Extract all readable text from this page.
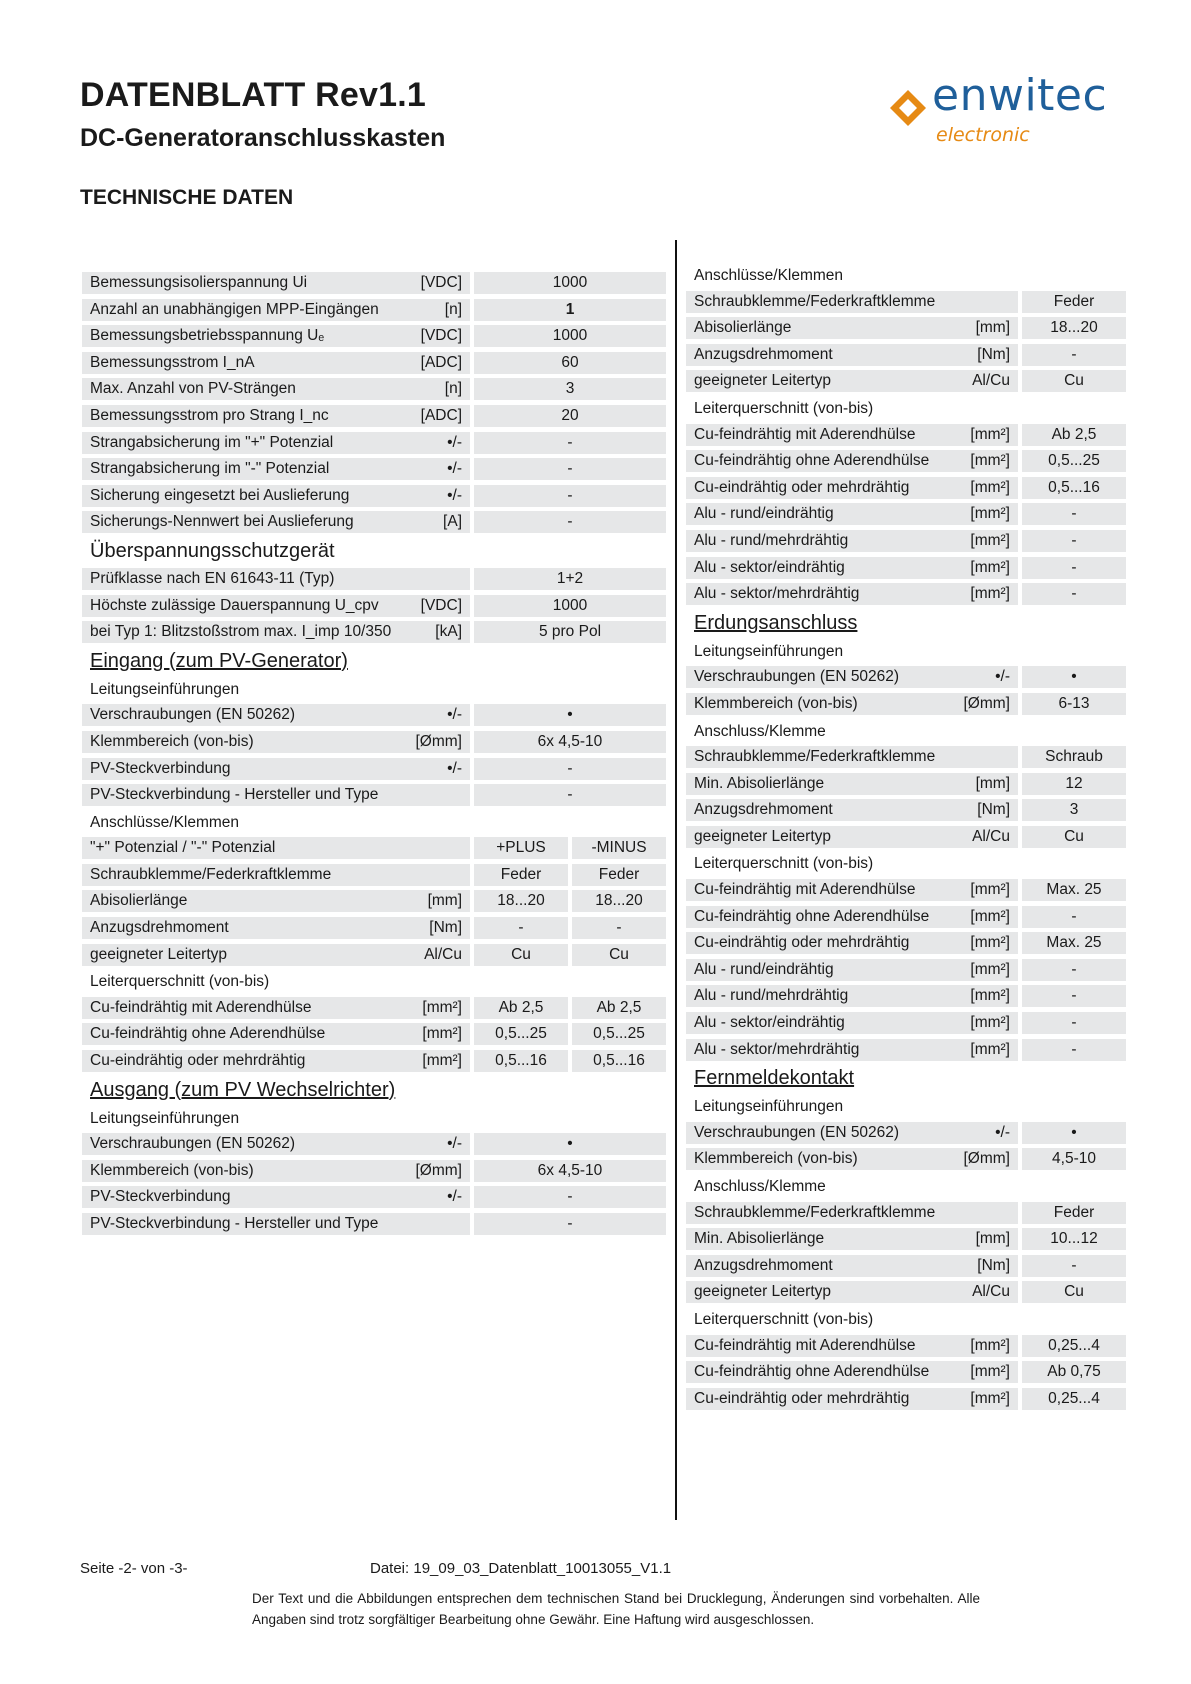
DATENBLATT Rev1.1
DC-Generatoranschlusskasten
TECHNISCHE DATEN
enwitec
electronic
Bemessungsisolierspannung Ui	[VDC]	1000
Anzahl an unabhängigen MPP-Eingängen	[n]	1
Bemessungsbetriebsspannung Uₑ	[VDC]	1000
Bemessungsstrom I_nA	[ADC]	60
Max. Anzahl von PV-Strängen	[n]	3
Bemessungsstrom pro Strang I_nc	[ADC]	20
Strangabsicherung im "+" Potenzial	•/-	-
Strangabsicherung im "-" Potenzial	•/-	-
Sicherung eingesetzt bei Auslieferung	•/-	-
Sicherungs-Nennwert bei Auslieferung	[A]	-
Überspannungsschutzgerät
Prüfklasse nach EN 61643-11 (Typ)	1+2
Höchste zulässige Dauerspannung U_cpv	[VDC]	1000
bei Typ 1: Blitzstoßstrom max. I_imp 10/350	[kA]	5 pro Pol
Eingang (zum PV-Generator)
Leitungseinführungen
Verschraubungen (EN 50262)	•/-	•
Klemmbereich (von-bis)	[Ømm]	6x 4,5-10
PV-Steckverbindung	•/-	-
PV-Steckverbindung - Hersteller und Type	-
Anschlüsse/Klemmen
"+" Potenzial / "-" Potenzial	+PLUS	-MINUS
Schraubklemme/Federkraftklemme	Feder	Feder
Abisolierlänge	[mm]	18...20	18...20
Anzugsdrehmoment	[Nm]	-	-
geeigneter Leitertyp	Al/Cu	Cu	Cu
Leiterquerschnitt (von-bis)
Cu-feindrähtig mit Aderendhülse	[mm²]	Ab 2,5	Ab 2,5
Cu-feindrähtig ohne Aderendhülse	[mm²]	0,5...25	0,5...25
Cu-eindrähtig oder mehrdrähtig	[mm²]	0,5...16	0,5...16
Ausgang (zum PV Wechselrichter)
Leitungseinführungen
Verschraubungen (EN 50262)	•/-	•
Klemmbereich (von-bis)	[Ømm]	6x 4,5-10
PV-Steckverbindung	•/-	-
PV-Steckverbindung - Hersteller und Type	-
Anschlüsse/Klemmen
Schraubklemme/Federkraftklemme	Feder
Abisolierlänge	[mm]	18...20
Anzugsdrehmoment	[Nm]	-
geeigneter Leitertyp	Al/Cu	Cu
Leiterquerschnitt (von-bis)
Cu-feindrähtig mit Aderendhülse	[mm²]	Ab 2,5
Cu-feindrähtig ohne Aderendhülse	[mm²]	0,5...25
Cu-eindrähtig oder mehrdrähtig	[mm²]	0,5...16
Alu - rund/eindrähtig	[mm²]	-
Alu - rund/mehrdrähtig	[mm²]	-
Alu - sektor/eindrähtig	[mm²]	-
Alu - sektor/mehrdrähtig	[mm²]	-
Erdungsanschluss
Leitungseinführungen
Verschraubungen (EN 50262)	•/-	•
Klemmbereich (von-bis)	[Ømm]	6-13
Anschluss/Klemme
Schraubklemme/Federkraftklemme	Schraub
Min. Abisolierlänge	[mm]	12
Anzugsdrehmoment	[Nm]	3
geeigneter Leitertyp	Al/Cu	Cu
Leiterquerschnitt (von-bis)
Cu-feindrähtig mit Aderendhülse	[mm²]	Max. 25
Cu-feindrähtig ohne Aderendhülse	[mm²]	-
Cu-eindrähtig oder mehrdrähtig	[mm²]	Max. 25
Alu - rund/eindrähtig	[mm²]	-
Alu - rund/mehrdrähtig	[mm²]	-
Alu - sektor/eindrähtig	[mm²]	-
Alu - sektor/mehrdrähtig	[mm²]	-
Fernmeldekontakt
Leitungseinführungen
Verschraubungen (EN 50262)	•/-	•
Klemmbereich (von-bis)	[Ømm]	4,5-10
Anschluss/Klemme
Schraubklemme/Federkraftklemme	Feder
Min. Abisolierlänge	[mm]	10...12
Anzugsdrehmoment	[Nm]	-
geeigneter Leitertyp	Al/Cu	Cu
Leiterquerschnitt (von-bis)
Cu-feindrähtig mit Aderendhülse	[mm²]	0,25...4
Cu-feindrähtig ohne Aderendhülse	[mm²]	Ab 0,75
Cu-eindrähtig oder mehrdrähtig	[mm²]	0,25...4
Seite -2- von -3-	Datei: 19_09_03_Datenblatt_10013055_V1.1
Der Text und die Abbildungen entsprechen dem technischen Stand bei Drucklegung, Änderungen sind vorbehalten. Alle Angaben sind trotz sorgfältiger Bearbeitung ohne Gewähr. Eine Haftung wird ausgeschlossen.
